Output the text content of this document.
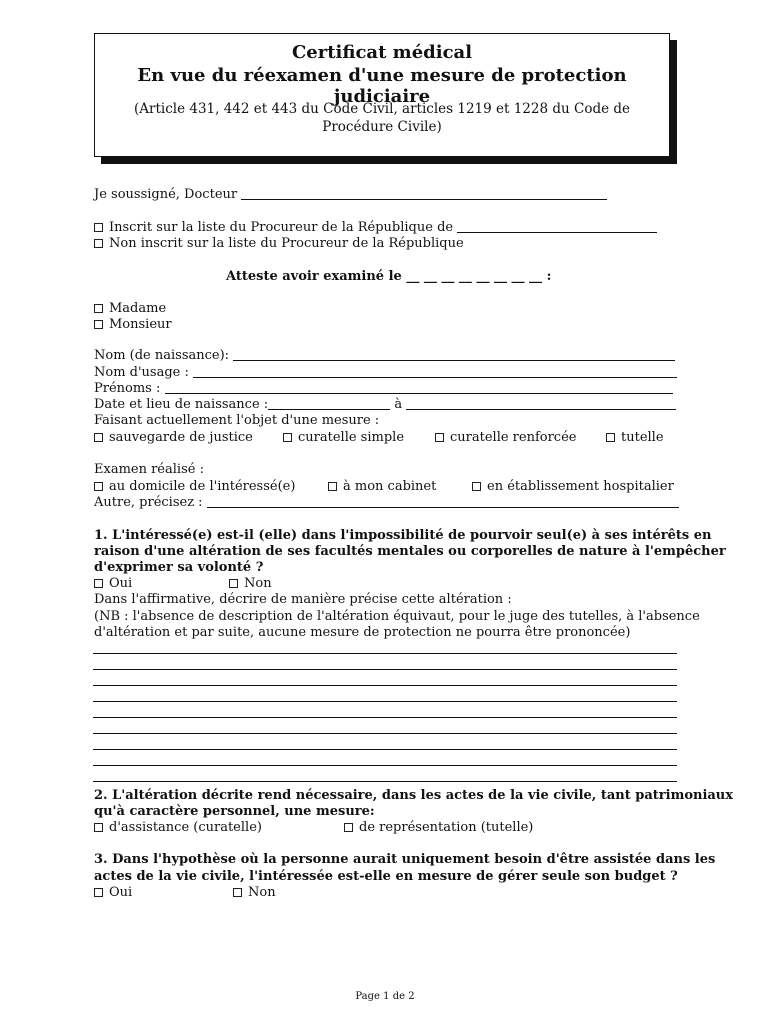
Certificat médical
En vue du réexamen d'une mesure de protection judiciaire
(Article 431, 442 et 443 du Code Civil, articles 1219 et 1228 du Code de
Procédure Civile)
Je soussigné, Docteur
Inscrit sur la liste du Procureur de la République de
Non inscrit sur la liste du Procureur de la République
Atteste avoir examiné le __ __ __ __ __ __ __ __ :
Madame
Monsieur
Nom (de naissance):
Nom d'usage :
Prénoms :
Date et lieu de naissance :	à
Faisant actuellement l'objet d'une mesure :
sauvegarde de justice	curatelle simple	curatelle renforcée	tutelle
Examen réalisé :
au domicile de l'intéressé(e)	à mon cabinet	en établissement hospitalier
Autre, précisez :
1. L'intéressé(e) est-il (elle) dans l'impossibilité de pourvoir seul(e) à ses intérêts en
raison d'une altération de ses facultés mentales ou corporelles de nature à l'empêcher
d'exprimer sa volonté ?
Oui	Non
Dans l'affirmative, décrire de manière précise cette altération :
(NB : l'absence de description de l'altération équivaut, pour le juge des tutelles, à l'absence
d'altération et par suite, aucune mesure de protection ne pourra être prononcée)
2. L'altération décrite rend nécessaire, dans les actes de la vie civile, tant patrimoniaux
qu'à caractère personnel, une mesure:
d'assistance (curatelle)	de représentation (tutelle)
3. Dans l'hypothèse où la personne aurait uniquement besoin d'être assistée dans les
actes de la vie civile, l'intéressée est-elle en mesure de gérer seule son budget ?
Oui	Non
Page 1 de 2
